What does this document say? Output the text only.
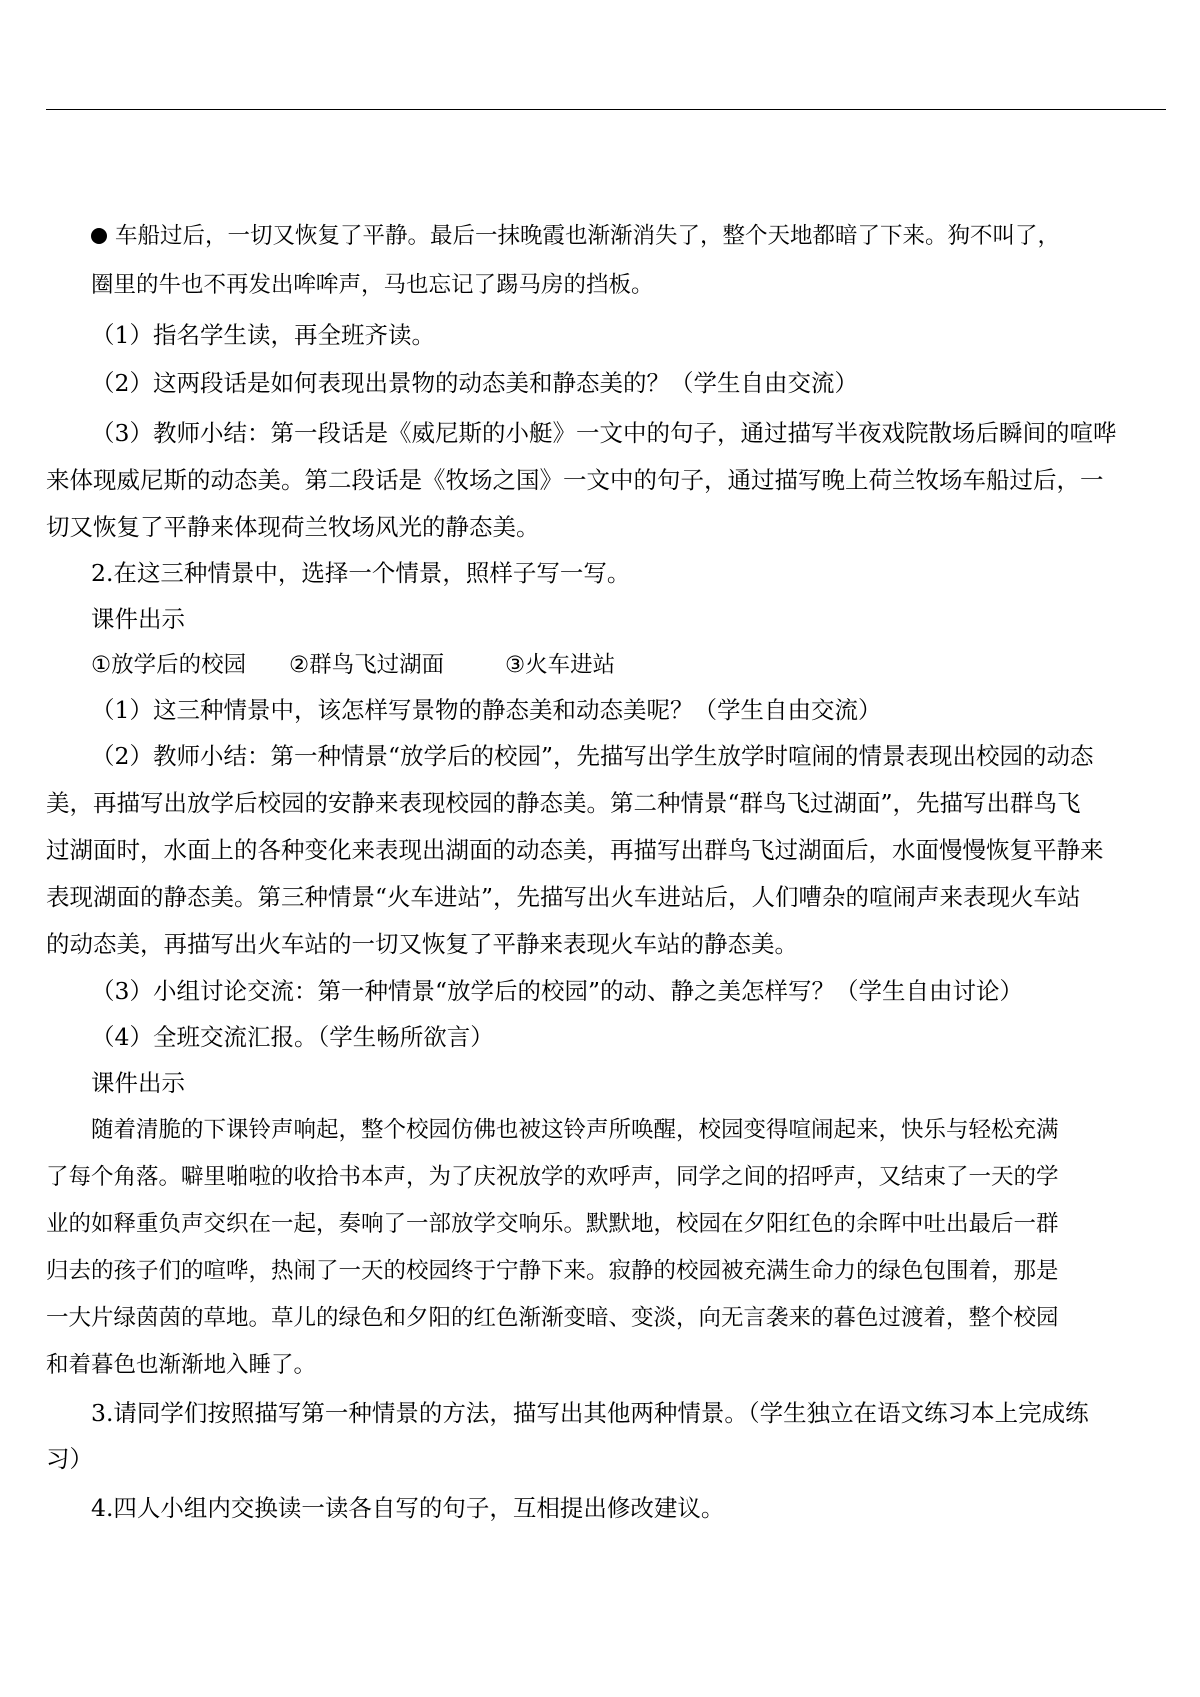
车船过后，一切又恢复了平静。最后一抹晚霞也渐渐消失了，整个天地都暗了下来。狗不叫了，
圈里的牛也不再发出哞哞声，马也忘记了踢马房的挡板。
（1）指名学生读，再全班齐读。
（2）这两段话是如何表现出景物的动态美和静态美的？（学生自由交流）
（3）教师小结：第一段话是《威尼斯的小艇》一文中的句子，通过描写半夜戏院散场后瞬间的喧哗
来体现威尼斯的动态美。第二段话是《牧场之国》一文中的句子，通过描写晚上荷兰牧场车船过后，一
切又恢复了平静来体现荷兰牧场风光的静态美。
2.在这三种情景中，选择一个情景，照样子写一写。
课件出示
①放学后的校园 ②群鸟飞过湖面	③火车进站
（1）这三种情景中，该怎样写景物的静态美和动态美呢？（学生自由交流）
（2）教师小结：第一种情景“放学后的校园”，先描写出学生放学时喧闹的情景表现出校园的动态
美，再描写出放学后校园的安静来表现校园的静态美。第二种情景“群鸟飞过湖面”，先描写出群鸟飞
过湖面时，水面上的各种变化来表现出湖面的动态美，再描写出群鸟飞过湖面后，水面慢慢恢复平静来
表现湖面的静态美。第三种情景“火车进站”，先描写出火车进站后，人们嘈杂的喧闹声来表现火车站
的动态美，再描写出火车站的一切又恢复了平静来表现火车站的静态美。
（3）小组讨论交流：第一种情景“放学后的校园”的动、静之美怎样写？（学生自由讨论）
（4）全班交流汇报。（学生畅所欲言）
课件出示
随着清脆的下课铃声响起，整个校园仿佛也被这铃声所唤醒，校园变得喧闹起来，快乐与轻松充满
了每个角落。噼里啪啦的收拾书本声，为了庆祝放学的欢呼声，同学之间的招呼声，又结束了一天的学
业的如释重负声交织在一起，奏响了一部放学交响乐。默默地，校园在夕阳红色的余晖中吐出最后一群
归去的孩子们的喧哗，热闹了一天的校园终于宁静下来。寂静的校园被充满生命力的绿色包围着，那是
一大片绿茵茵的草地。草儿的绿色和夕阳的红色渐渐变暗、变淡，向无言袭来的暮色过渡着，整个校园
和着暮色也渐渐地入睡了。
3.请同学们按照描写第一种情景的方法，描写出其他两种情景。（学生独立在语文练习本上完成练
习）
4.四人小组内交换读一读各自写的句子，互相提出修改建议。
